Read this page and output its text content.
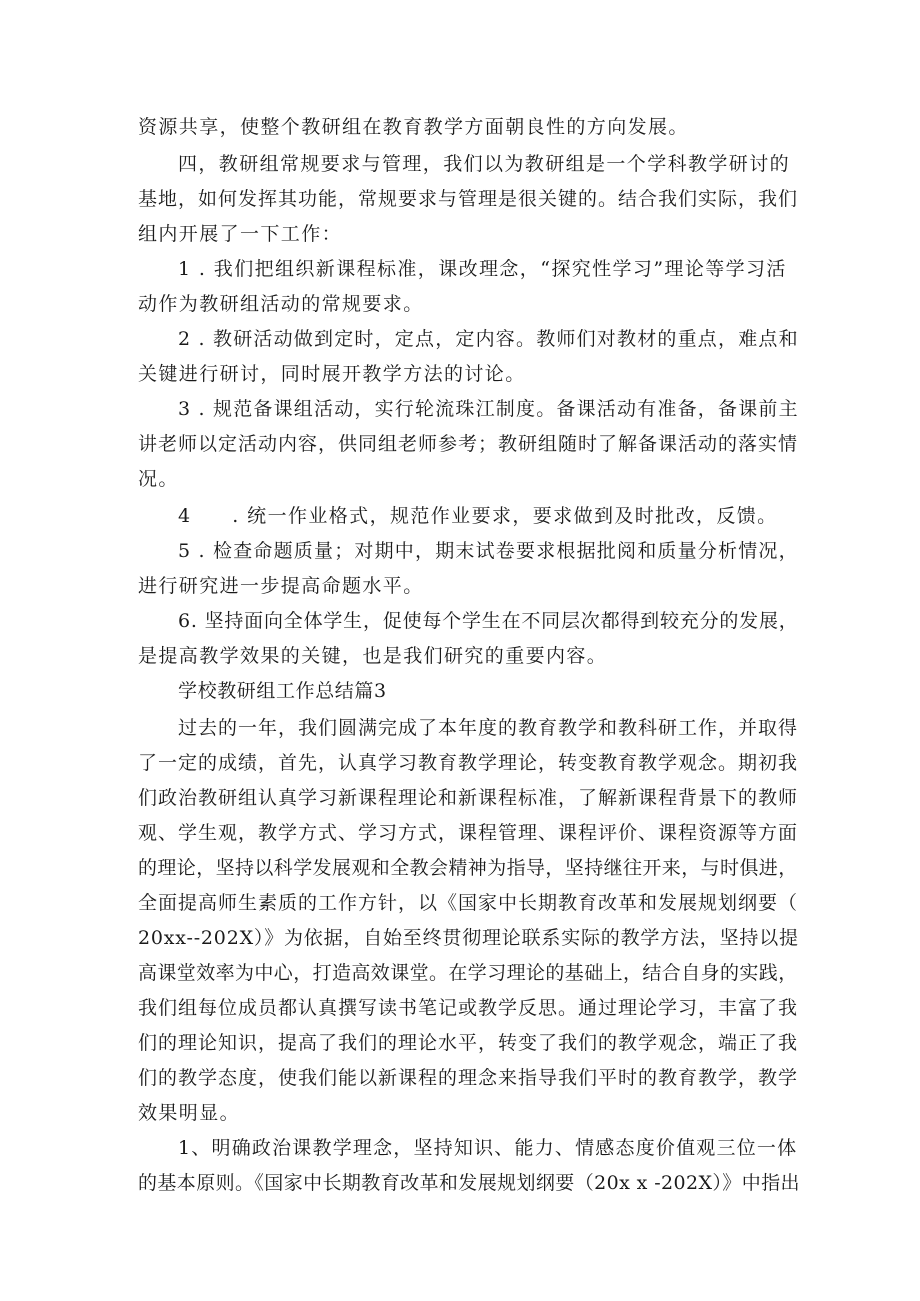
资源共享，使整个教研组在教育教学方面朝良性的方向发展。
四，教研组常规要求与管理，我们以为教研组是一个学科教学研讨的
基地，如何发挥其功能，常规要求与管理是很关键的。结合我们实际，我们
组内开展了一下工作：
1 . 我们把组织新课程标准，课改理念，“探究性学习”理论等学习活
动作为教研组活动的常规要求。
2 . 教研活动做到定时，定点，定内容。教师们对教材的重点，难点和
关键进行研讨，同时展开教学方法的讨论。
3 . 规范备课组活动，实行轮流珠江制度。备课活动有准备，备课前主
讲老师以定活动内容，供同组老师参考；教研组随时了解备课活动的落实情
况。
4　　. 统一作业格式，规范作业要求，要求做到及时批改，反馈。
5 . 检查命题质量；对期中，期末试卷要求根据批阅和质量分析情况，
进行研究进一步提高命题水平。
6. 坚持面向全体学生，促使每个学生在不同层次都得到较充分的发展，
是提高教学效果的关键，也是我们研究的重要内容。
学校教研组工作总结篇3
过去的一年，我们圆满完成了本年度的教育教学和教科研工作，并取得
了一定的成绩，首先，认真学习教育教学理论，转变教育教学观念。期初我
们政治教研组认真学习新课程理论和新课程标准，了解新课程背景下的教师
观、学生观，教学方式、学习方式，课程管理、课程评价、课程资源等方面
的理论，坚持以科学发展观和全教会精神为指导，坚持继往开来，与时俱进，
全面提高师生素质的工作方针，以《国家中长期教育改革和发展规划纲要（
20xx--202X）》为依据，自始至终贯彻理论联系实际的教学方法，坚持以提
高课堂效率为中心，打造高效课堂。在学习理论的基础上，结合自身的实践，
我们组每位成员都认真撰写读书笔记或教学反思。通过理论学习，丰富了我
们的理论知识，提高了我们的理论水平，转变了我们的教学观念，端正了我
们的教学态度，使我们能以新课程的理念来指导我们平时的教育教学，教学
效果明显。
1、明确政治课教学理念，坚持知识、能力、情感态度价值观三位一体
的基本原则。《国家中长期教育改革和发展规划纲要（20x x -202X）》中指出
